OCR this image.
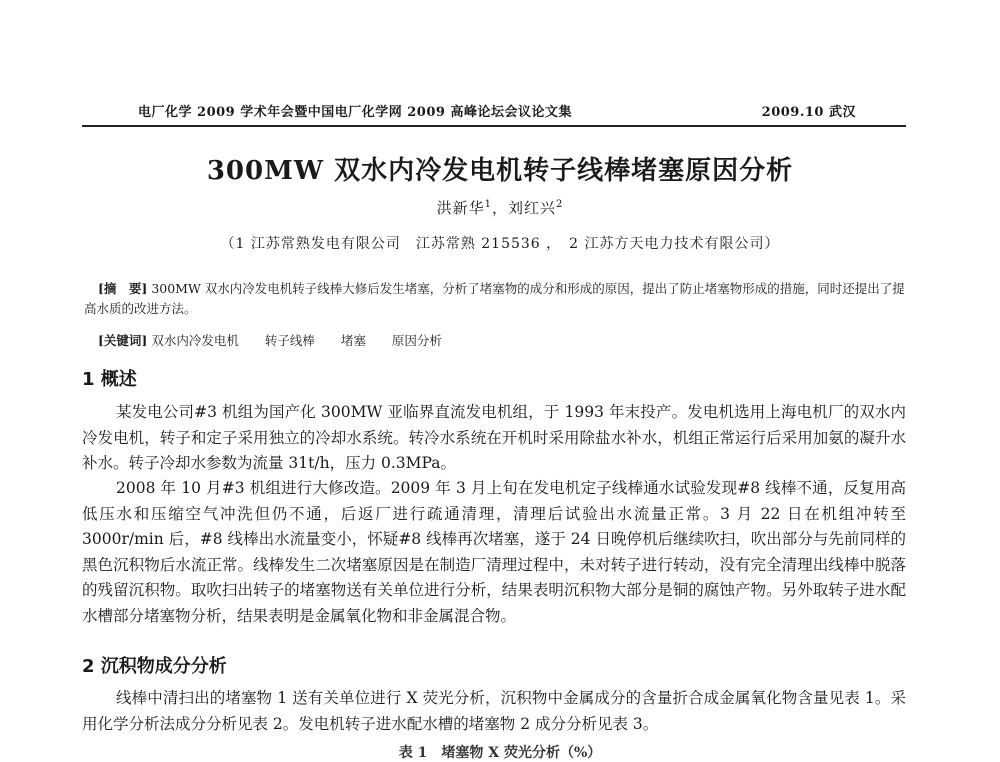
电厂化学 2009 学术年会暨中国电厂化学网 2009 高峰论坛会议论文集	2009.10 武汉
300MW 双水内冷发电机转子线棒堵塞原因分析
洪新华$^1$，刘红兴$^2$
（1 江苏常熟发电有限公司　江苏常熟 215536 ，　2 江苏方天电力技术有限公司）
[摘　要] 300MW 双水内冷发电机转子线棒大修后发生堵塞，分析了堵塞物的成分和形成的原因，提出了防止堵塞物形成的措施，同时还提出了提高水质的改进方法。
[关键词] 双水内冷发电机 转子线棒 堵塞 原因分析
1 概述
某发电公司#3 机组为国产化 300MW 亚临界直流发电机组，于 1993 年末投产。发电机选用上海电机厂的双水内冷发电机，转子和定子采用独立的冷却水系统。转冷水系统在开机时采用除盐水补水，机组正常运行后采用加氨的凝升水补水。转子冷却水参数为流量 31t/h，压力 0.3MPa。
2008 年 10 月#3 机组进行大修改造。2009 年 3 月上旬在发电机定子线棒通水试验发现#8 线棒不通，反复用高低压水和压缩空气冲洗但仍不通，后返厂进行疏通清理，清理后试验出水流量正常。3 月 22 日在机组冲转至 3000r/min 后，#8 线棒出水流量变小，怀疑#8 线棒再次堵塞，遂于 24 日晚停机后继续吹扫，吹出部分与先前同样的黑色沉积物后水流正常。线棒发生二次堵塞原因是在制造厂清理过程中，未对转子进行转动，没有完全清理出线棒中脱落的残留沉积物。取吹扫出转子的堵塞物送有关单位进行分析，结果表明沉积物大部分是铜的腐蚀产物。另外取转子进水配水槽部分堵塞物分析，结果表明是金属氧化物和非金属混合物。
2 沉积物成分分析
线棒中清扫出的堵塞物 1 送有关单位进行 X 荧光分析，沉积物中金属成分的含量折合成金属氧化物含量见表 1。采用化学分析法成分分析见表 2。发电机转子进水配水槽的堵塞物 2 成分分析见表 3。
表 1　堵塞物 X 荧光分析（%）
